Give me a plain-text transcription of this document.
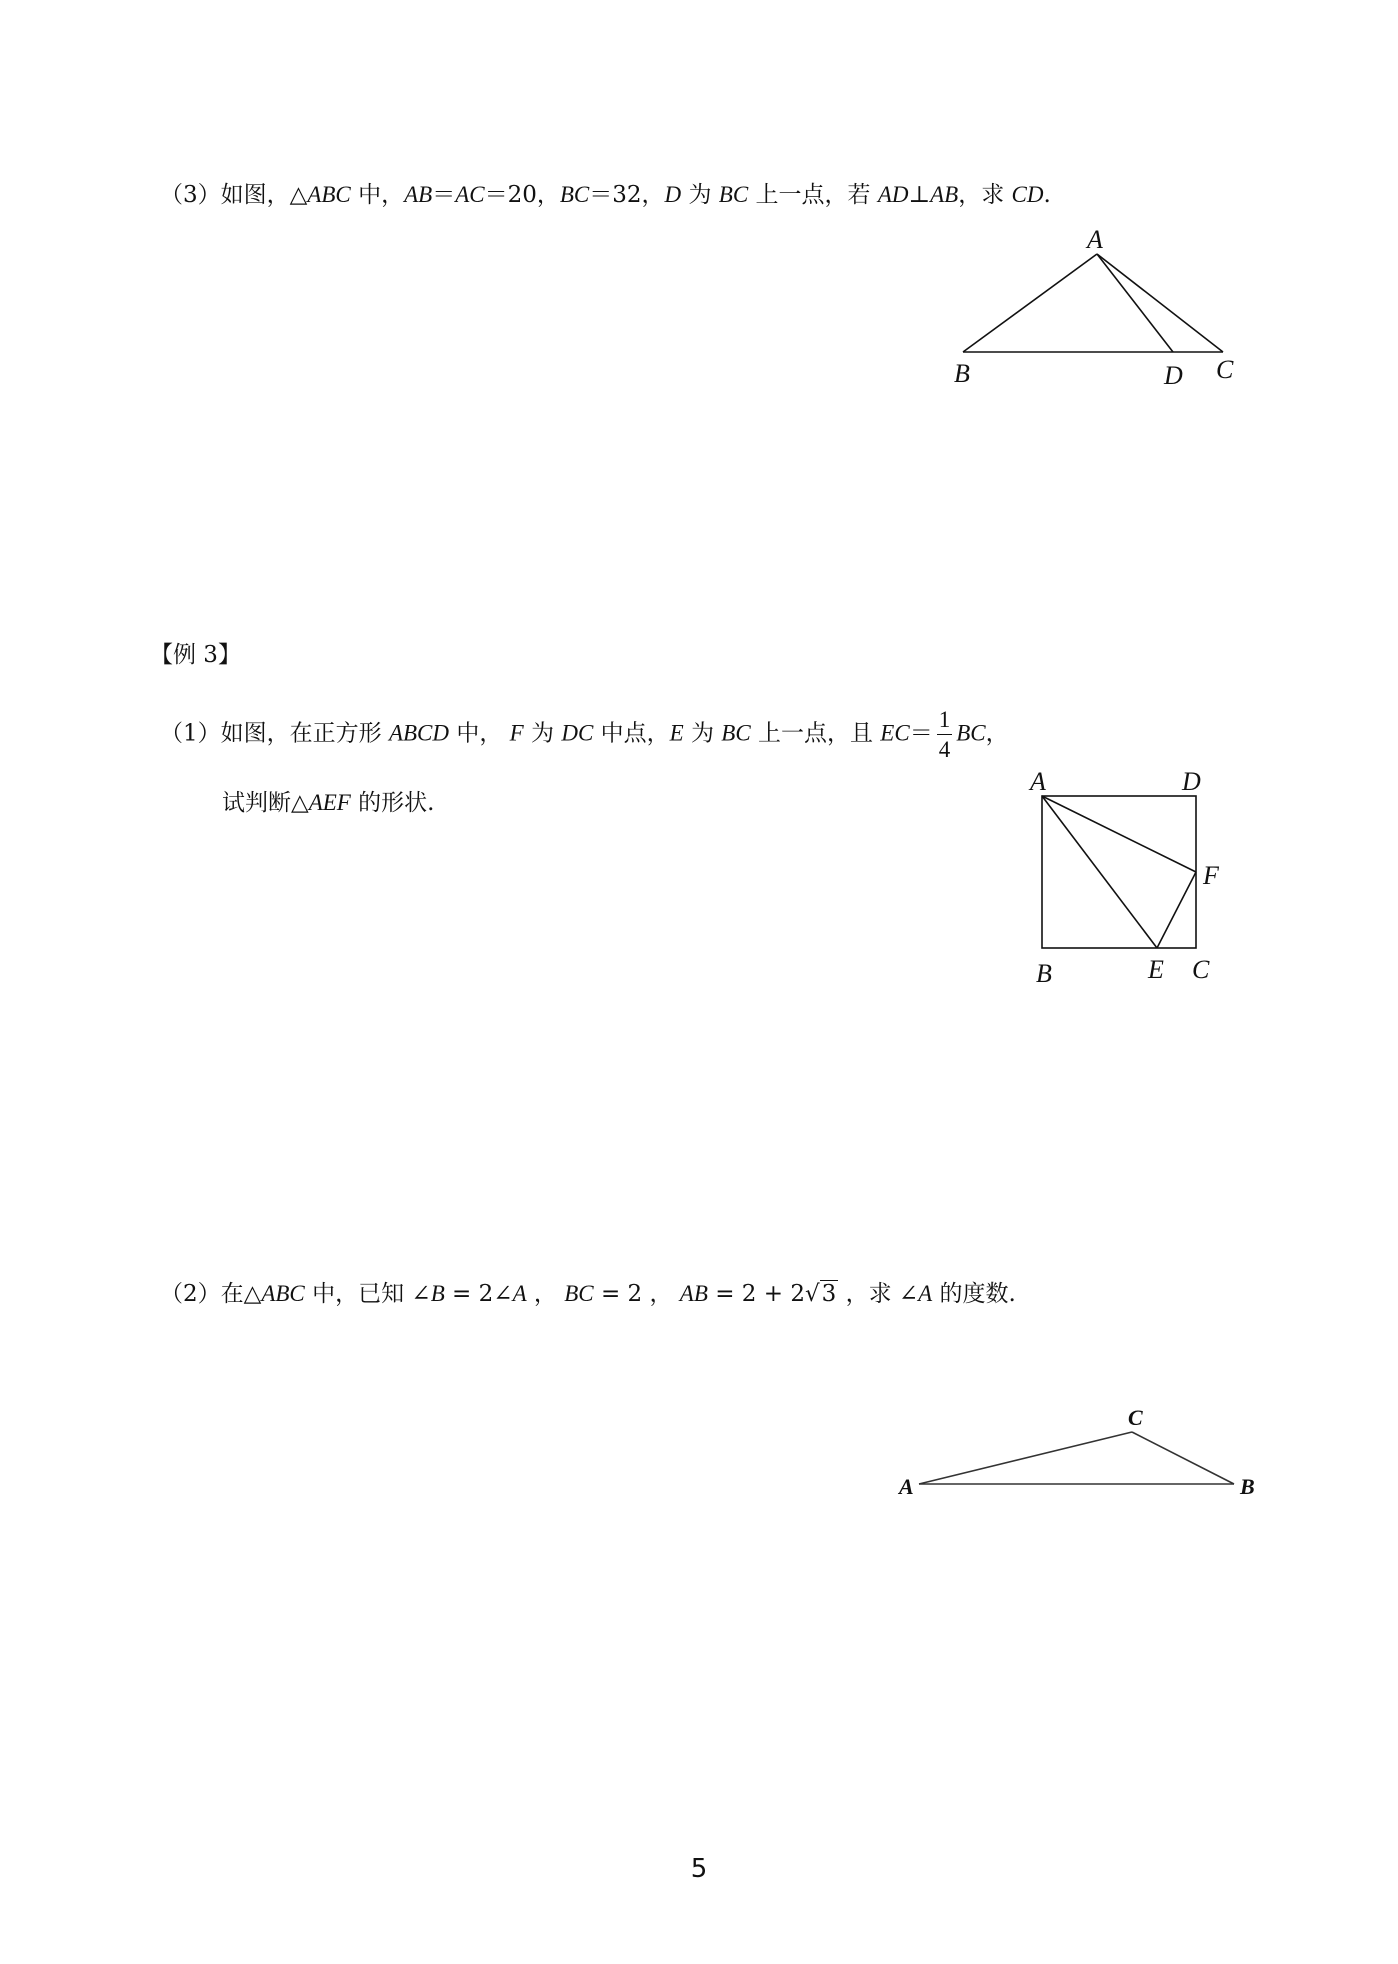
（3）如图，△ABC 中，AB＝AC＝20，BC＝32，D 为 BC 上一点，若 AD⊥AB，求 CD.
A
B	D C
【例 3】
（1）如图，在正方形 ABCD 中， F 为 DC 中点，E 为 BC 上一点，且 $EC= \frac{1}{4}$ BC，
试判断△AEF 的形状.
A	D
F
B	E C
（2）在△ABC 中，已知 ∠B = 2∠A ， BC = 2 ， AB = 2 + 2√3 ，求 ∠A 的度数.
A
C
B
5
